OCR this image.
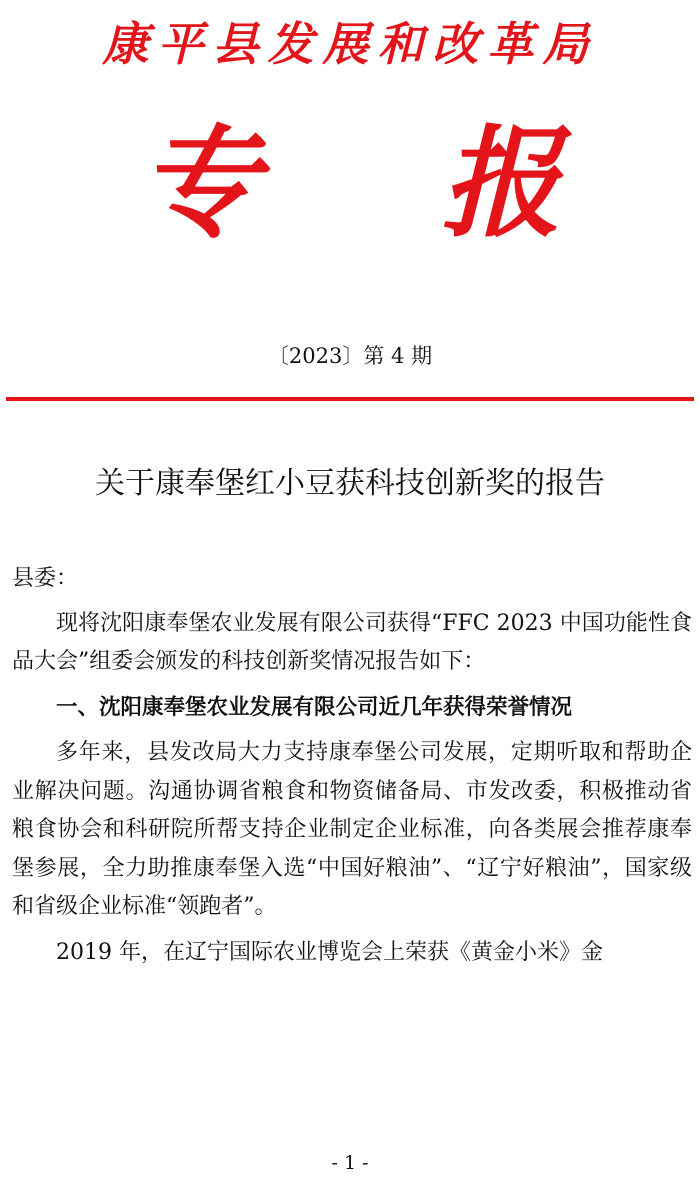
康平县发展和改革局
专 报
〔2023〕第 4 期
关于康奉堡红小豆获科技创新奖的报告

县委：

现将沈阳康奉堡农业发展有限公司获得“FFC 2023 中国功能性食品大会”组委会颁发的科技创新奖情况报告如下：

一、沈阳康奉堡农业发展有限公司近几年获得荣誉情况

多年来，县发改局大力支持康奉堡公司发展，定期听取和帮助企业解决问题。沟通协调省粮食和物资储备局、市发改委，积极推动省粮食协会和科研院所帮支持企业制定企业标准，向各类展会推荐康奉堡参展，全力助推康奉堡入选“中国好粮油”、“辽宁好粮油”，国家级和省级企业标准“领跑者”。

2019 年，在辽宁国际农业博览会上荣获《黄金小米》金

- 1 -
